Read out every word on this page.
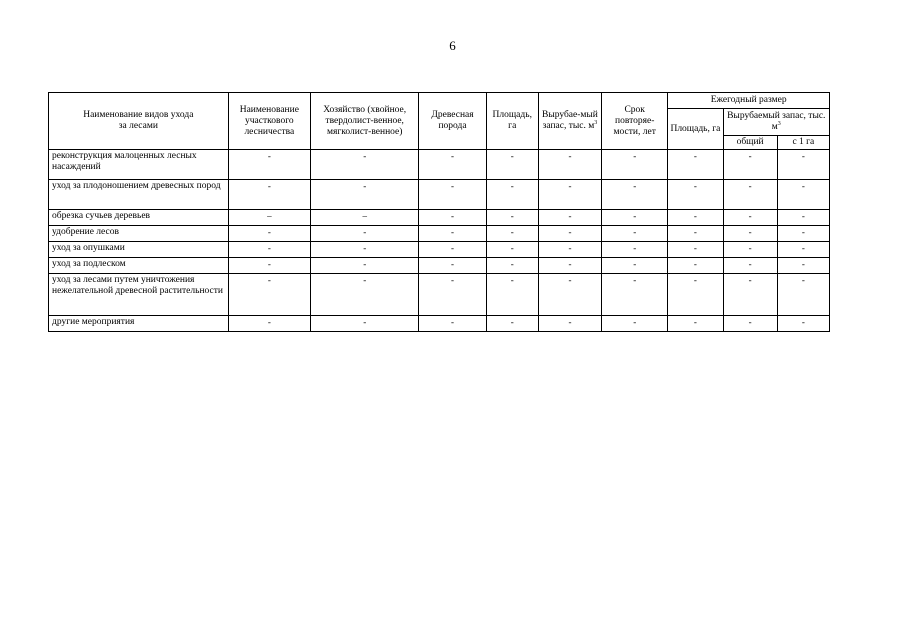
6
Наименование видов ухода за лесами	Наименование участкового лесничества	Хозяйство (хвойное, твердолист-венное, мягколист-венное)	Древесная порода	Площадь, га	Вырубае-мый запас, тыс. $м^3$	Срок повторяе-мости, лет	Ежегодный размер		
							Площадь, га	Вырубаемый запас, тыс. $м^3$
								общий	с 1 га
реконструкция малоценных лесных насаждений	-	-	-	-	-	-	-	-	-
уход за плодоношением древесных пород	-	-	-	-	-	-	-	-	-
обрезка сучьев деревьев	–	–	-	-	-	-	-	-	-
удобрение лесов	-	-	-	-	-	-	-	-	-
уход за опушками	-	-	-	-	-	-	-	-	-
уход за подлеском	-	-	-	-	-	-	-	-	-
уход за лесами путем уничтожения нежелательной древесной растительности	-	-	-	-	-	-	-	-	-
другие мероприятия	-	-	-	-	-	-	-	-	-
